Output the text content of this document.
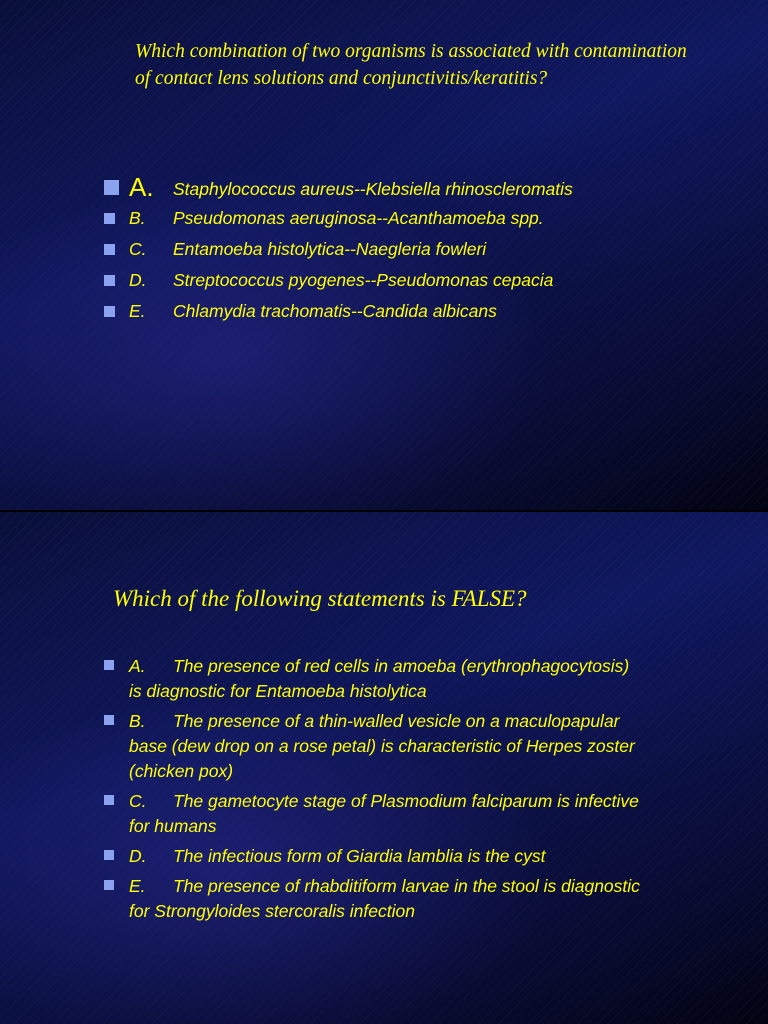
Which combination of two organisms is associated with contamination of contact lens solutions and conjunctivitis/keratitis?

A. Staphylococcus aureus--Klebsiella rhinoscleromatis
B. Pseudomonas aeruginosa--Acanthamoeba spp.
C. Entamoeba histolytica--Naegleria fowleri
D. Streptococcus pyogenes--Pseudomonas cepacia
E. Chlamydia trachomatis--Candida albicans

Which of the following statements is FALSE?

A. The presence of red cells in amoeba (erythrophagocytosis) is diagnostic for Entamoeba histolytica
B. The presence of a thin-walled vesicle on a maculopapular base (dew drop on a rose petal) is characteristic of Herpes zoster (chicken pox)
C. The gametocyte stage of Plasmodium falciparum is infective for humans
D. The infectious form of Giardia lamblia is the cyst
E. The presence of rhabditiform larvae in the stool is diagnostic for Strongyloides stercoralis infection
